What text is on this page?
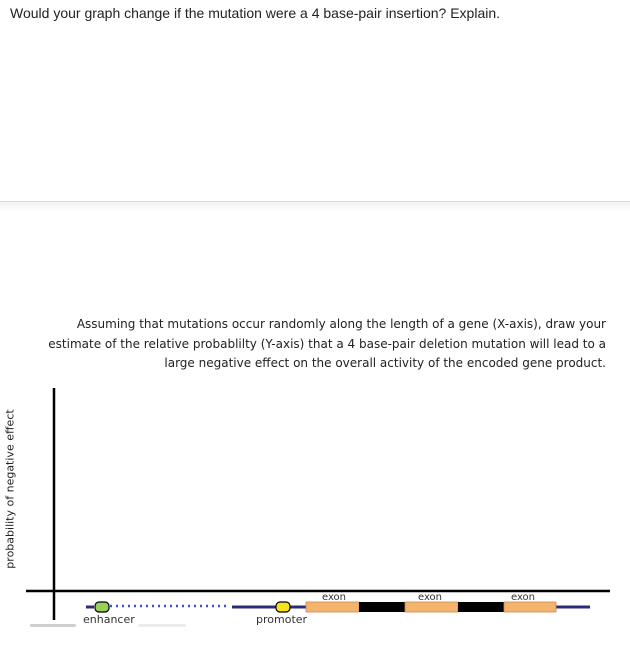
Would your graph change if the mutation were a 4 base-pair insertion? Explain.
Assuming that mutations occur randomly along the length of a gene (X-axis), draw your
estimate of the relative probablilty (Y-axis) that a 4 base-pair deletion mutation will lead to a
large negative effect on the overall activity of the encoded gene product.
probability of negative effect
exon	exon	exon
enhancer	promoter
